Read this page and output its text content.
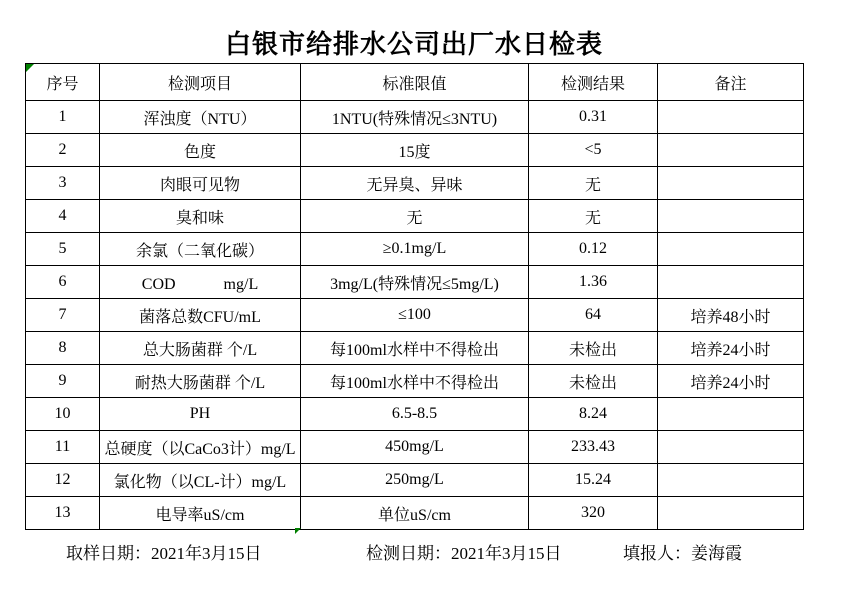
白银市给排水公司出厂水日检表
序号	检测项目	标准限值	检测结果	备注
1	浑浊度（NTU）	1NTU(特殊情况≤3NTU)	0.31	
2	色度	15度	<5	
3	肉眼可见物	无异臭、异味	无	
4	臭和味	无	无	
5	余氯（二氧化碳）	≥0.1mg/L	0.12	
6	COD　　　mg/L	3mg/L(特殊情况≤5mg/L)	1.36	
7	菌落总数CFU/mL	≤100	64	培养48小时
8	总大肠菌群 个/L	每100ml水样中不得检出	未检出	培养24小时
9	耐热大肠菌群 个/L	每100ml水样中不得检出	未检出	培养24小时
10	PH	6.5-8.5	8.24	
11	总硬度（以CaCo3计）mg/L	450mg/L	233.43	
12	氯化物（以CL-计）mg/L	250mg/L	15.24	
13	电导率uS/cm	单位uS/cm	320	
取样日期：2021年3月15日	检测日期：2021年3月15日	填报人：姜海霞
